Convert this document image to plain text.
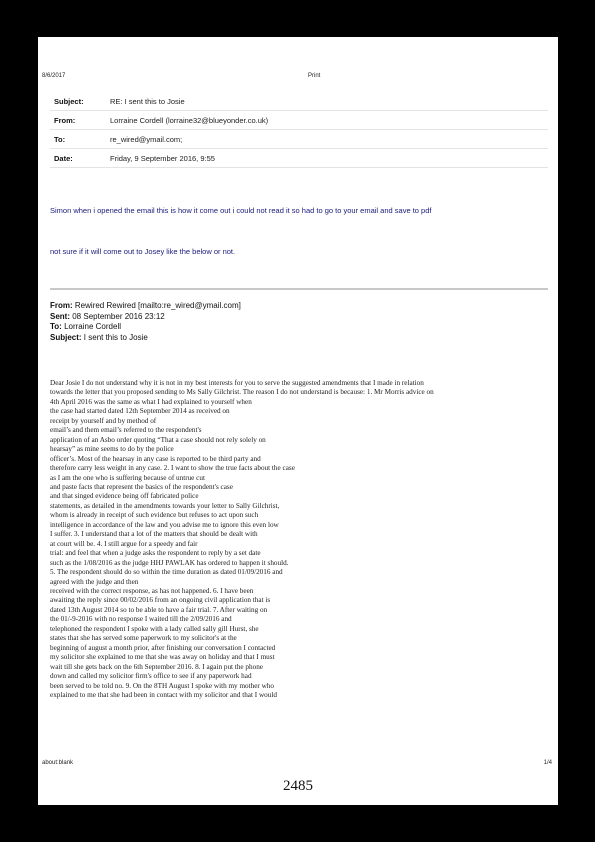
8/6/2017	Print
Subject:	RE: I sent this to Josie
From:	Lorraine Cordell (lorraine32@blueyonder.co.uk)
To:	re_wired@ymail.com;
Date:	Friday, 9 September 2016, 9:55
Simon when i opened the email this is how it come out i could not read it so had to go to your email and save to pdf
not sure if it will come out to Josey like the below or not.
From: Rewired Rewired [mailto:re_wired@ymail.com]
Sent: 08 September 2016 23:12
To: Lorraine Cordell
Subject: I sent this to Josie
Dear Josie I do not understand why it is not in my best interests for you to serve the suggested amendments that I made in relation
towards the letter that you proposed sending to Ms Sally Gilchrist. The reason I do not understand is because: 1. Mr Morris advice on
4th April 2016 was the same as what I had explained to yourself when
the case had started dated 12th September 2014 as received on
receipt by yourself and by method of
email’s and them email’s referred to the respondent's
application of an Asbo order quoting “That a case should not rely solely on
hearsay” as mine seems to do by the police
officer’s. Most of the hearsay in any case is reported to be third party and
therefore carry less weight in any case. 2. I want to show the true facts about the case
as I am the one who is suffering because of untrue cut
and paste facts that represent the basics of the respondent's case
and that singed evidence being off fabricated police
statements, as detailed in the amendments towards your letter to Sally Gilchrist,
whom is already in receipt of such evidence but refuses to act upon such
intelligence in accordance of the law and you advise me to ignore this even low
I suffer. 3. I understand that a lot of the matters that should be dealt with
at court will be. 4. I still argue for a speedy and fair
trial: and feel that when a judge asks the respondent to reply by a set date
such as the 1/08/2016 as the judge HHJ PAWLAK has ordered to happen it should.
5. The respondent should do so within the time duration as dated 01/09/2016 and
agreed with the judge and then
received with the correct response, as has not happened. 6. I have been
awaiting the reply since 00/02/2016 from an ongoing civil application that is
dated 13th August 2014 so to be able to have a fair trial. 7. After waiting on
the 01/-9-2016 with no response I waited till the 2/09/2016 and
telephoned the respondent I spoke with a lady called sally gill Hurst, she
states that she has served some paperwork to my solicitor's at the
beginning of august a month prior, after finishing our conversation I contacted
my solicitor she explained to me that she was away on holiday and that I must
wait till she gets back on the 6th September 2016. 8. I again put the phone
down and called my solicitor firm's office to see if any paperwork had
been served to be told no. 9. On the 8TH August I spoke with my mother who
explained to me that she had been in contact with my solicitor and that I would
about:blank	1/4
2485
